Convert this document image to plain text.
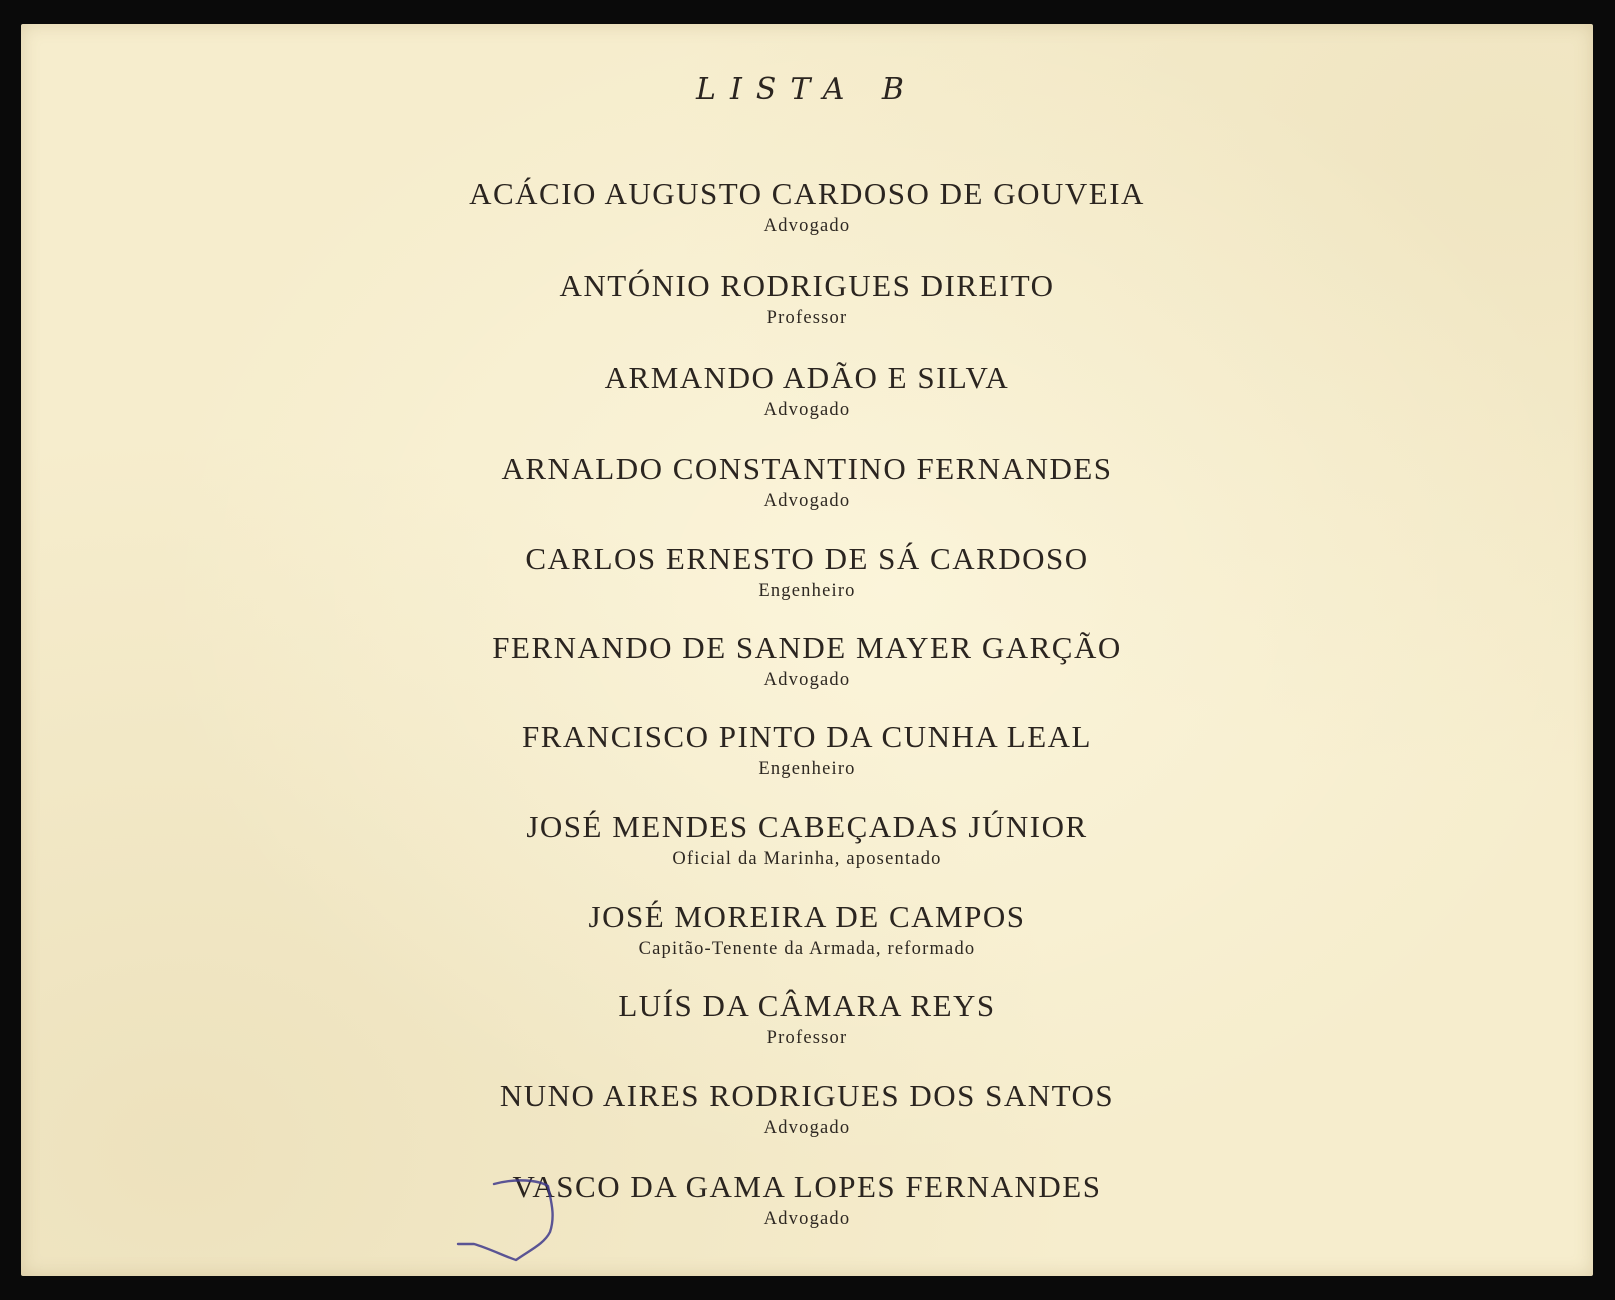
LISTA B
ACÁCIO AUGUSTO CARDOSO DE GOUVEIA
Advogado
ANTÓNIO RODRIGUES DIREITO
Professor
ARMANDO ADÃO E SILVA
Advogado
ARNALDO CONSTANTINO FERNANDES
Advogado
CARLOS ERNESTO DE SÁ CARDOSO
Engenheiro
FERNANDO DE SANDE MAYER GARÇÃO
Advogado
FRANCISCO PINTO DA CUNHA LEAL
Engenheiro
JOSÉ MENDES CABEÇADAS JÚNIOR
Oficial da Marinha, aposentado
JOSÉ MOREIRA DE CAMPOS
Capitão-Tenente da Armada, reformado
LUÍS DA CÂMARA REYS
Professor
NUNO AIRES RODRIGUES DOS SANTOS
Advogado
VASCO DA GAMA LOPES FERNANDES
Advogado
